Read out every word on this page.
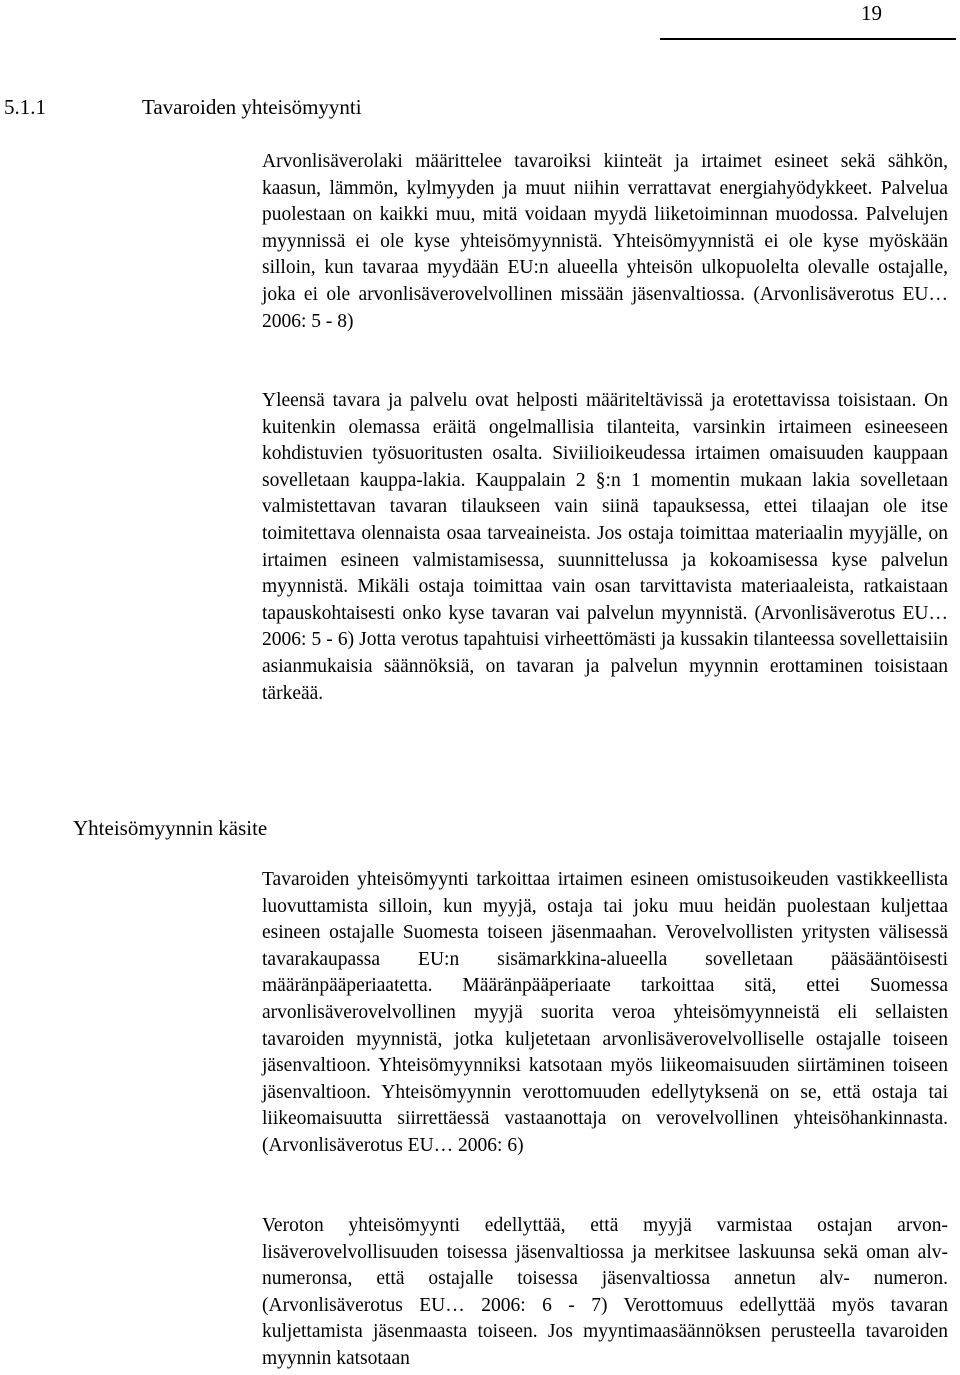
19
5.1.1	Tavaroiden yhteisömyynti

Arvonlisäverolaki määrittelee tavaroiksi kiinteät ja irtaimet esineet sekä sähkön, kaasun, lämmön, kylmyyden ja muut niihin verrattavat energiahyödykkeet. Palvelua puolestaan on kaikki muu, mitä voidaan myydä liiketoiminnan muodossa. Palvelujen myynnissä ei ole kyse yhteisömyynnistä. Yhteisömyynnistä ei ole kyse myöskään silloin, kun tavaraa myydään EU:n alueella yhteisön ulkopuolelta olevalle ostajalle, joka ei ole arvonlisäverovelvollinen missään jäsenvaltiossa. (Arvonlisäverotus EU… 2006: 5 - 8)

Yleensä tavara ja palvelu ovat helposti määriteltävissä ja erotettavissa toisistaan. On kuitenkin olemassa eräitä ongelmallisia tilanteita, varsinkin irtaimeen esineeseen kohdistuvien työsuoritusten osalta. Siviilioikeudessa irtaimen omaisuuden kauppaan sovelletaan kauppa-lakia. Kauppalain 2 §:n 1 momentin mukaan lakia sovelletaan valmistettavan tavaran tilaukseen vain siinä tapauksessa, ettei tilaajan ole itse toimitettava olennaista osaa tarveaineista. Jos ostaja toimittaa materiaalin myyjälle, on irtaimen esineen valmistamisessa, suunnittelussa ja kokoamisessa kyse palvelun myynnistä. Mikäli ostaja toimittaa vain osan tarvittavista materiaaleista, ratkaistaan tapauskohtaisesti onko kyse tavaran vai palvelun myynnistä. (Arvonlisäverotus EU… 2006: 5 - 6) Jotta verotus tapahtuisi virheettömästi ja kussakin tilanteessa sovellettaisiin asianmukaisia säännöksiä, on tavaran ja palvelun myynnin erottaminen toisistaan tärkeää.

Yhteisömyynnin käsite

Tavaroiden yhteisömyynti tarkoittaa irtaimen esineen omistusoikeuden vastikkeellista luovuttamista silloin, kun myyjä, ostaja tai joku muu heidän puolestaan kuljettaa esineen ostajalle Suomesta toiseen jäsenmaahan. Verovelvollisten yritysten välisessä tavarakaupassa EU:n sisämarkkina-alueella sovelletaan pääsääntöisesti määränpääperiaatetta. Määränpääperiaate tarkoittaa sitä, ettei Suomessa arvonlisäverovelvollinen myyjä suorita veroa yhteisömyynneistä eli sellaisten tavaroiden myynnistä, jotka kuljetetaan arvonlisäverovelvolliselle ostajalle toiseen jäsenvaltioon. Yhteisömyynniksi katsotaan myös liikeomaisuuden siirtäminen toiseen jäsenvaltioon. Yhteisömyynnin verottomuuden edellytyksenä on se, että ostaja tai liikeomaisuutta siirrettäessä vastaanottaja on verovelvollinen yhteisöhankinnasta. (Arvonlisäverotus EU… 2006: 6)

Veroton yhteisömyynti edellyttää, että myyjä varmistaa ostajan arvonlisäverovelvollisuuden toisessa jäsenvaltiossa ja merkitsee laskuunsa sekä oman alv- numeronsa, että ostajalle toisessa jäsenvaltiossa annetun alv- numeron. (Arvonlisäverotus EU… 2006: 6 - 7) Verottomuus edellyttää myös tavaran kuljettamista jäsenmaasta toiseen. Jos myyntimaasäännöksen perusteella tavaroiden myynnin katsotaan
